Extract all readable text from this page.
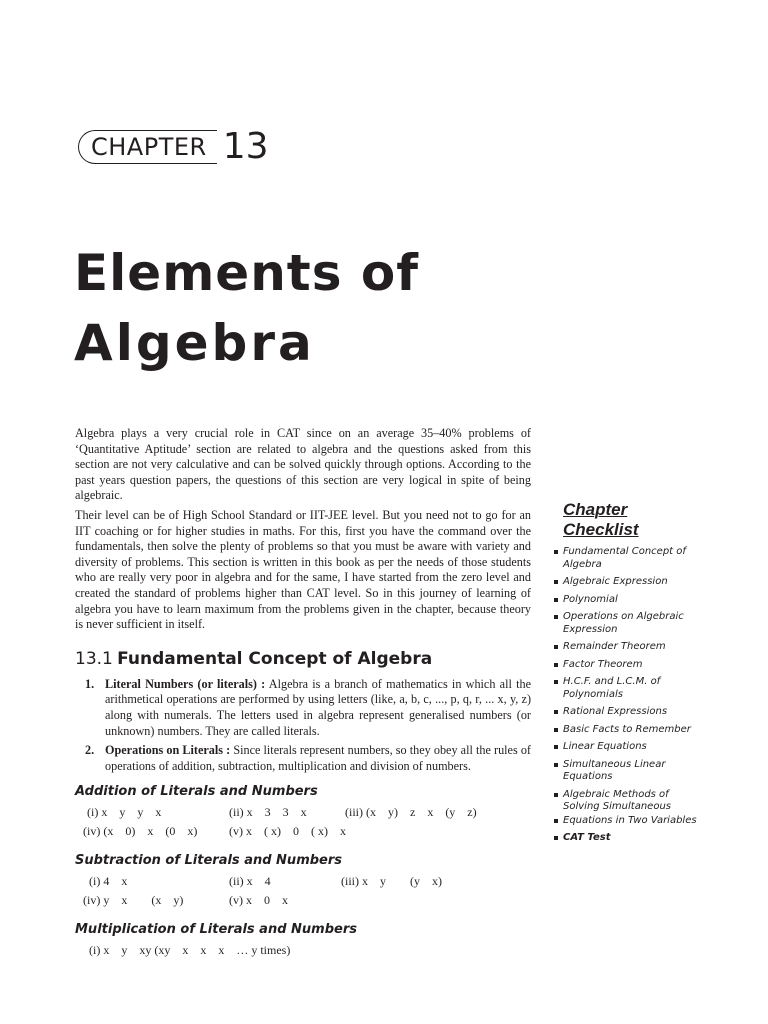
CHAPTER 13
Elements of
Algebra

Algebra plays a very crucial role in CAT since on an average 35–40% problems of ‘Quantitative Aptitude’ section are related to algebra and the questions asked from this section are not very calculative and can be solved quickly through options. According to the past years question papers, the questions of this section are very logical in spite of being algebraic.

Their level can be of High School Standard or IIT-JEE level. But you need not to go for an IIT coaching or for higher studies in maths. For this, first you have the command over the fundamentals, then solve the plenty of problems so that you must be aware with variety and diversity of problems. This section is written in this book as per the needs of those students who are really very poor in algebra and for the same, I have started from the zero level and created the standard of problems higher than CAT level. So in this journey of learning of algebra you have to learn maximum from the problems given in the chapter, because theory is never sufficient in itself.

13.1 Fundamental Concept of Algebra
1. Literal Numbers (or literals) : Algebra is a branch of mathematics in which all the arithmetical operations are performed by using letters (like, a, b, c, ..., p, q, r, ... x, y, z) along with numerals. The letters used in algebra represent generalised numbers (or unknown) numbers. They are called literals.
2. Operations on Literals : Since literals represent numbers, so they obey all the rules of operations of addition, subtraction, multiplication and division of numbers.
Addition of Literals and Numbers
(i) x    y    y    x	(ii) x    3    3    x	(iii) (x    y)    z    x    (y    z)
(iv) (x    0)    x    (0    x)	(v) x    ( x)    0    ( x)    x
Subtraction of Literals and Numbers
(i) 4    x	(ii) x    4	(iii) x    y        (y    x)
(iv) y    x        (x    y)	(v) x    0    x
Multiplication of Literals and Numbers
(i) x    y    xy (xy    x    x    x    … y times)
Chapter Checklist
Fundamental Concept of Algebra
Algebraic Expression
Polynomial
Operations on Algebraic Expression
Remainder Theorem
Factor Theorem
H.C.F. and L.C.M. of Polynomials
Rational Expressions
Basic Facts to Remember
Linear Equations
Simultaneous Linear Equations
Algebraic Methods of Solving Simultaneous
Equations in Two Variables
CAT Test
